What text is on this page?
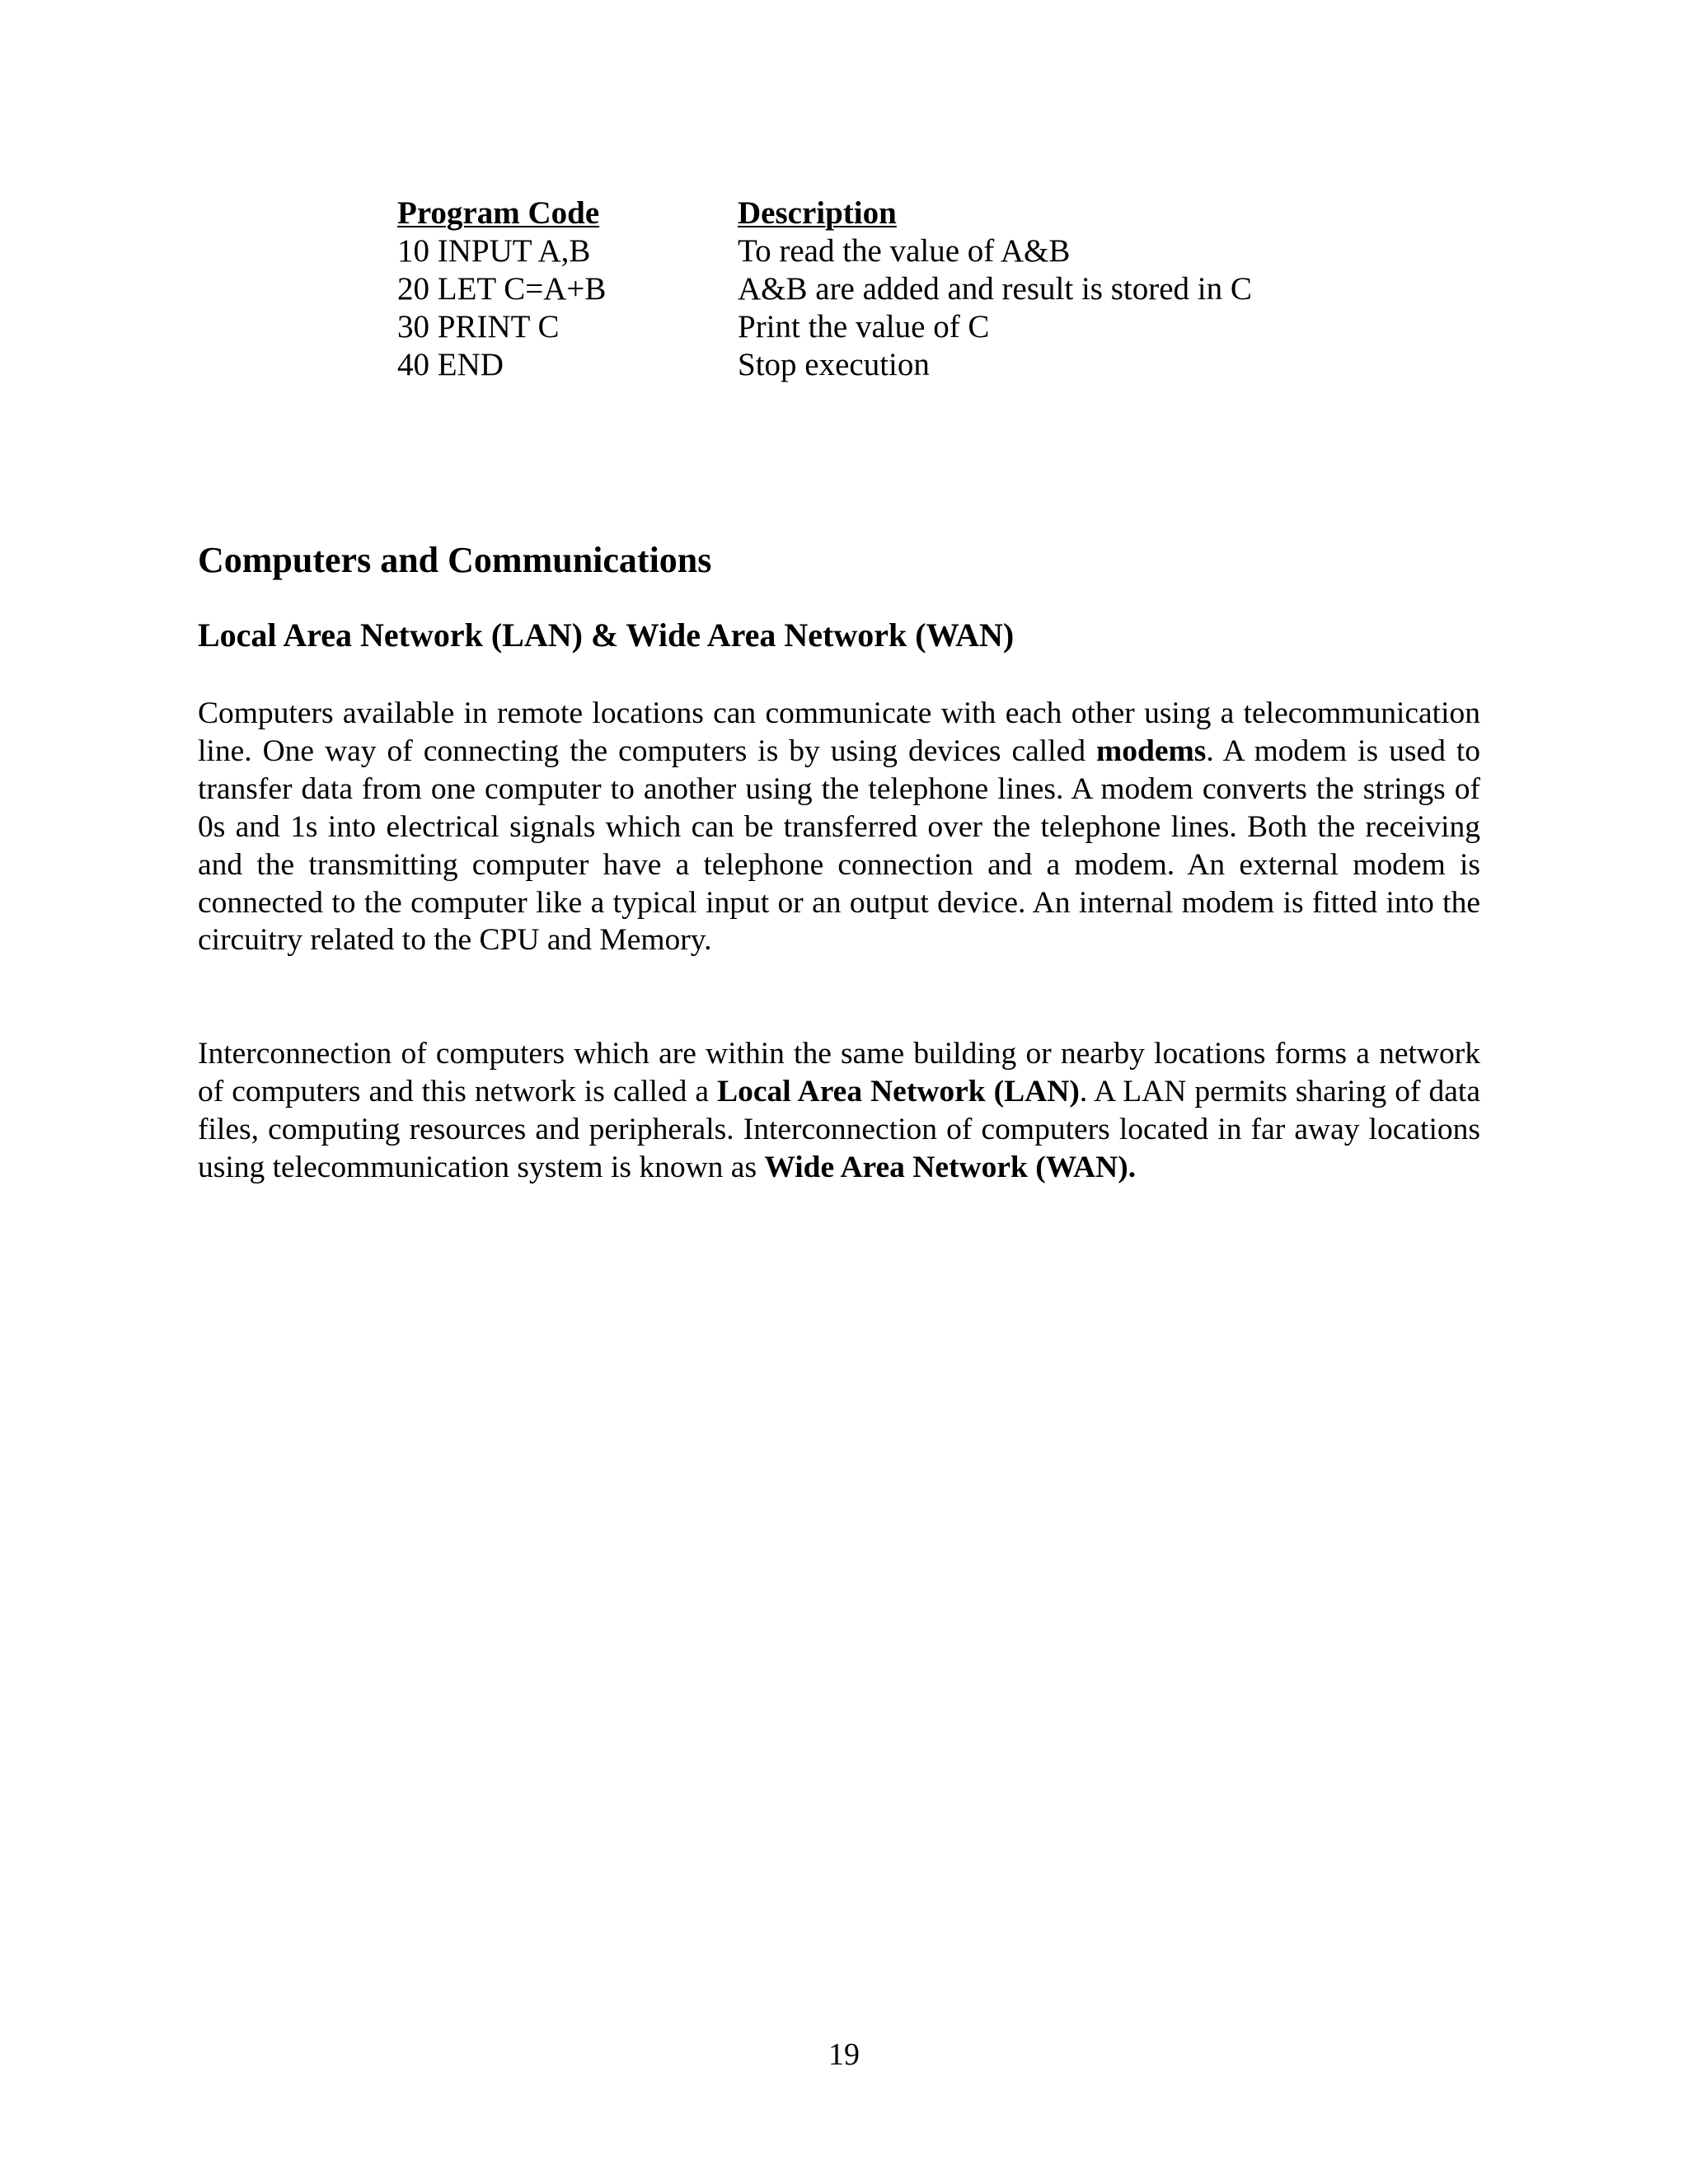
Program Code	Description
10 INPUT A,B	To read the value of A&B
20 LET C=A+B	A&B are added and result is stored in C
30 PRINT C	Print the value of C
40 END	Stop execution
Computers and Communications
Local Area Network (LAN) & Wide Area Network (WAN)

Computers available in remote locations can communicate with each other using a telecommunication line. One way of connecting the computers is by using devices called modems. A modem is used to transfer data from one computer to another using the telephone lines. A modem converts the strings of 0s and 1s into electrical signals which can be transferred over the telephone lines. Both the receiving and the transmitting computer have a telephone connection and a modem. An external modem is connected to the computer like a typical input or an output device. An internal modem is fitted into the circuitry related to the CPU and Memory.

Interconnection of computers which are within the same building or nearby locations forms a network of computers and this network is called a Local Area Network (LAN). A LAN permits sharing of data files, computing resources and peripherals. Interconnection of computers located in far away locations using telecommunication system is known as Wide Area Network (WAN).

19
